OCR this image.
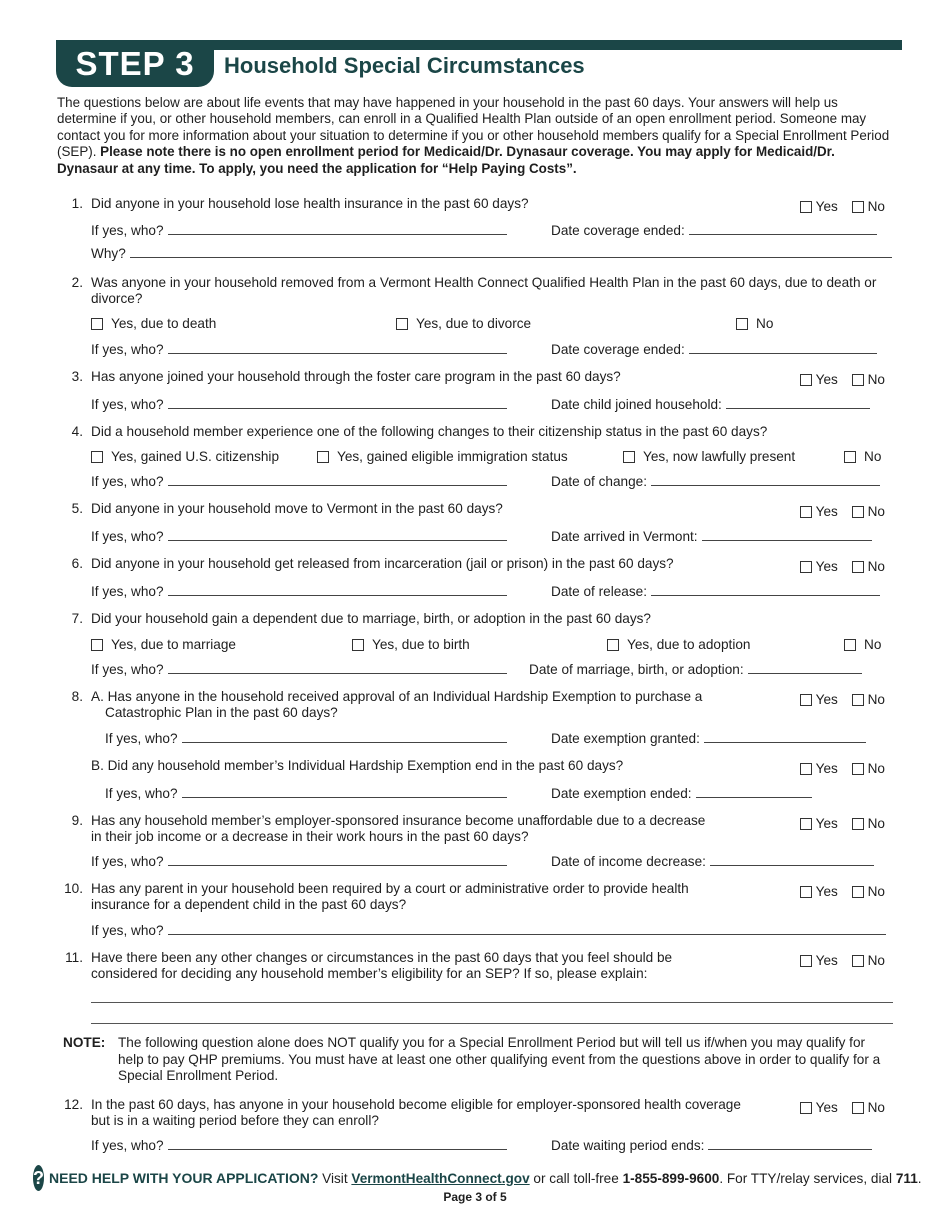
STEP 3	Household Special Circumstances
The questions below are about life events that may have happened in your household in the past 60 days. Your answers will help us determine if you, or other household members, can enroll in a Qualified Health Plan outside of an open enrollment period. Someone may contact you for more information about your situation to determine if you or other household members qualify for a Special Enrollment Period (SEP). Please note there is no open enrollment period for Medicaid/Dr. Dynasaur coverage. You may apply for Medicaid/Dr. Dynasaur at any time. To apply, you need the application for “Help Paying Costs”.
1. Did anyone in your household lose health insurance in the past 60 days?	Yes
No
If yes, who?	Date coverage ended:
Why?
2. Was anyone in your household removed from a Vermont Health Connect Qualified Health Plan in the past 60 days, due to death or divorce?
Yes, due to death	Yes, due to divorce	No
If yes, who?	Date coverage ended:
3. Has anyone joined your household through the foster care program in the past 60 days?	Yes
No
If yes, who?	Date child joined household:
4. Did a household member experience one of the following changes to their citizenship status in the past 60 days?
Yes, gained U.S. citizenship	Yes, gained eligible immigration status	Yes, now lawfully present	No
If yes, who?	Date of change:
5. Did anyone in your household move to Vermont in the past 60 days?	Yes
No
If yes, who?	Date arrived in Vermont:
6. Did anyone in your household get released from incarceration (jail or prison) in the past 60 days?	Yes
No
If yes, who?	Date of release:
7. Did your household gain a dependent due to marriage, birth, or adoption in the past 60 days?
Yes, due to marriage	Yes, due to birth	Yes, due to adoption	No
If yes, who?	Date of marriage, birth, or adoption:
8. A. Has anyone in the household received approval of an Individual Hardship Exemption to purchase a Catastrophic Plan in the past 60 days?
Yes
No
If yes, who?	Date exemption granted:
B. Did any household member’s Individual Hardship Exemption end in the past 60 days?	Yes
No
If yes, who?	Date exemption ended:
9. Has any household member’s employer-sponsored insurance become unaffordable due to a decrease in their job income or a decrease in their work hours in the past 60 days?
Yes
No
If yes, who?	Date of income decrease:
10. Has any parent in your household been required by a court or administrative order to provide health insurance for a dependent child in the past 60 days?
Yes
No
If yes, who?
11. Have there been any other changes or circumstances in the past 60 days that you feel should be considered for deciding any household member’s eligibility for an SEP? If so, please explain:
Yes
No
NOTE: The following question alone does NOT qualify you for a Special Enrollment Period but will tell us if/when you may qualify for help to pay QHP premiums. You must have at least one other qualifying event from the questions above in order to qualify for a Special Enrollment Period.
12. In the past 60 days, has anyone in your household become eligible for employer-sponsored health coverage but is in a waiting period before they can enroll?
Yes
No
If yes, who?	Date waiting period ends:
? NEED HELP WITH YOUR APPLICATION? Visit VermontHealthConnect.gov or call toll-free 1-855-899-9600. For TTY/relay services, dial 711.
Page 3 of 5
